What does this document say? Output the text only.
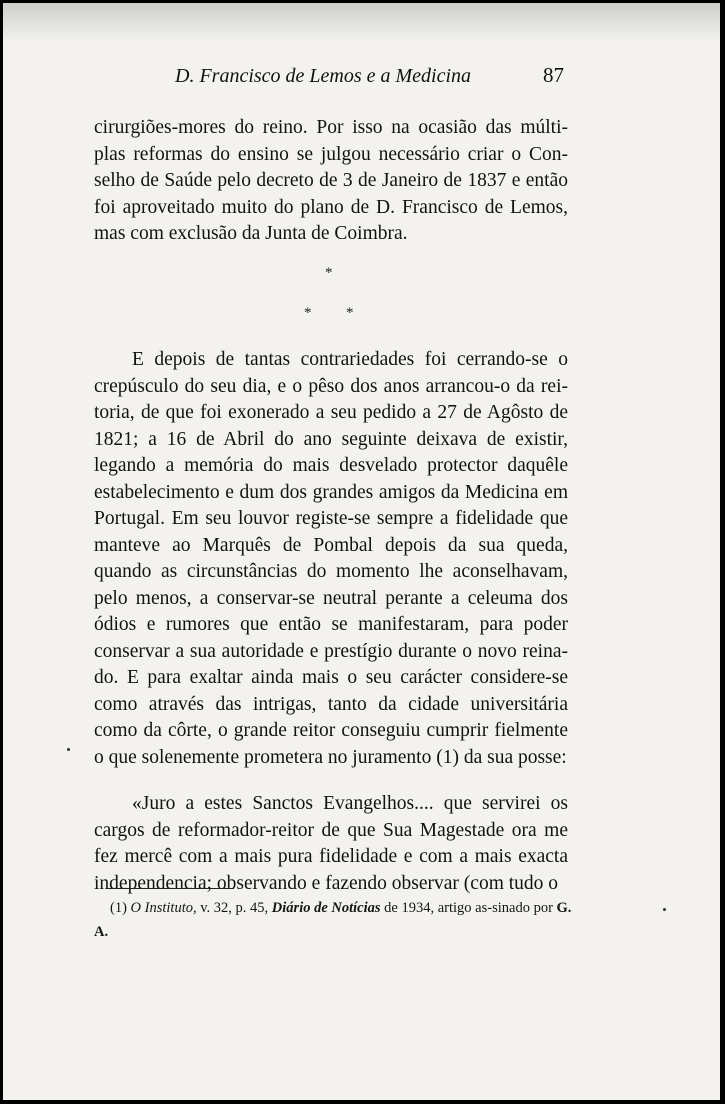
D. Francisco de Lemos e a Medicina	87

cirurgiões-mores do reino. Por isso na ocasião das múlti-plas reformas do ensino se julgou necessário criar o Con-selho de Saúde pelo decreto de 3 de Janeiro de 1837 e então foi aproveitado muito do plano de D. Francisco de Lemos, mas com exclusão da Junta de Coimbra.

*
* *

E depois de tantas contrariedades foi cerrando-se o crepúsculo do seu dia, e o pêso dos anos arrancou-o da rei-toria, de que foi exonerado a seu pedido a 27 de Agôsto de 1821; a 16 de Abril do ano seguinte deixava de existir, legando a memória do mais desvelado protector daquêle estabelecimento e dum dos grandes amigos da Medicina em Portugal. Em seu louvor registe-se sempre a fidelidade que manteve ao Marquês de Pombal depois da sua queda, quando as circunstâncias do momento lhe aconselhavam, pelo menos, a conservar-se neutral perante a celeuma dos ódios e rumores que então se manifestaram, para poder conservar a sua autoridade e prestígio durante o novo reina-do. E para exaltar ainda mais o seu carácter considere-se como através das intrigas, tanto da cidade universitária como da côrte, o grande reitor conseguiu cumprir fielmente o que solenemente prometera no juramento (1) da sua posse:

«Juro a estes Sanctos Evangelhos.... que servirei os cargos de reformador-reitor de que Sua Magestade ora me fez mercê com a mais pura fidelidade e com a mais exacta independencia; observando e fazendo observar (com tudo o

(1) O Instituto, v. 32, p. 45, Diário de Notícias de 1934, artigo as-sinado por G. A.
